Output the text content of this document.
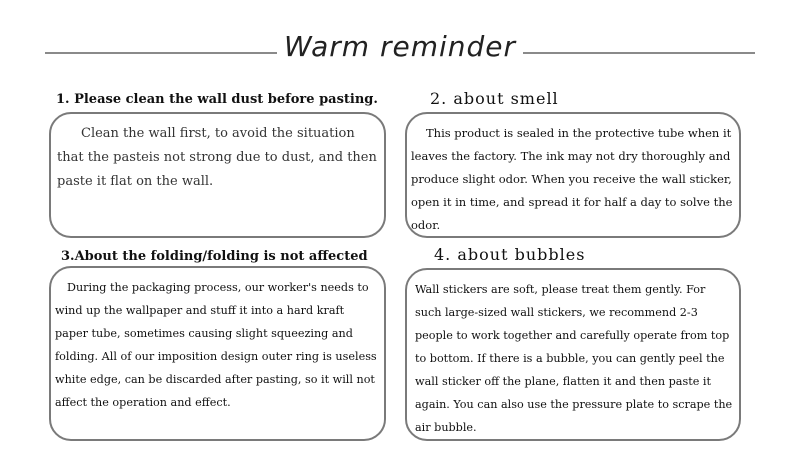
Warm reminder
1. Please clean the wall dust before pasting.

Clean the wall first, to avoid the situation that the pasteis not strong due to dust, and then paste it flat on the wall.

2. about smell

This product is sealed in the protective tube when it leaves the factory. The ink may not dry thoroughly and produce slight odor. When you receive the wall sticker, open it in time, and spread it for half a day to solve the odor.

3.About the folding/folding is not affected

During the packaging process, our worker's needs to wind up the wallpaper and stuff it into a hard kraft paper tube, sometimes causing slight squeezing and folding. All of our imposition design outer ring is useless white edge, can be discarded after pasting, so it will not affect the operation and effect.

4. about bubbles

Wall stickers are soft, please treat them gently. For such large-sized wall stickers, we recommend 2-3 people to work together and carefully operate from top to bottom. If there is a bubble, you can gently peel the wall sticker off the plane, flatten it and then paste it again. You can also use the pressure plate to scrape the air bubble.
